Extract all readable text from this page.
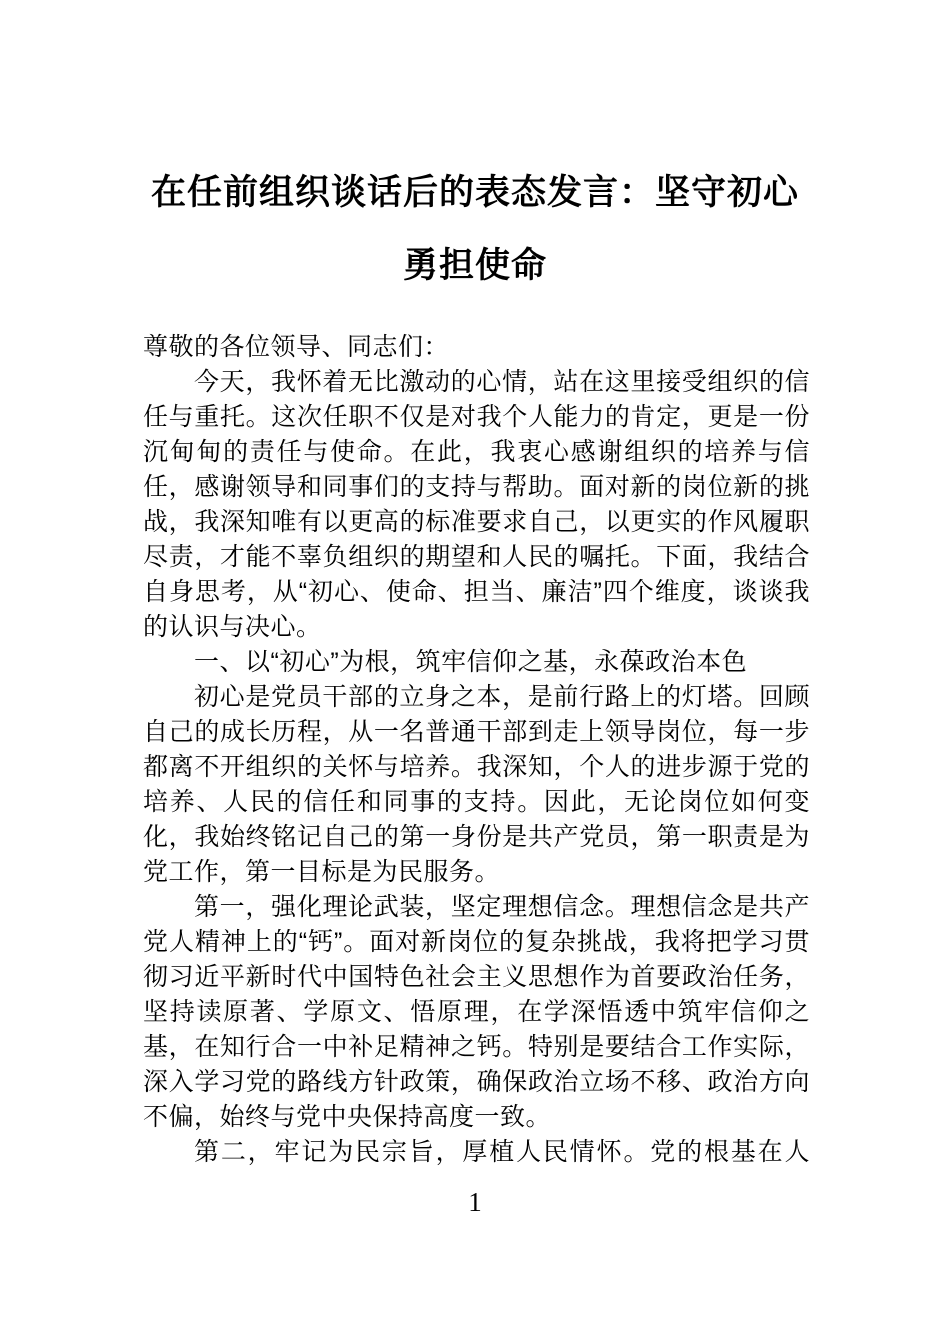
在任前组织谈话后的表态发言：坚守初心
勇担使命

尊敬的各位领导、同志们：

今天，我怀着无比激动的心情，站在这里接受组织的信任与重托。这次任职不仅是对我个人能力的肯定，更是一份沉甸甸的责任与使命。在此，我衷心感谢组织的培养与信任，感谢领导和同事们的支持与帮助。面对新的岗位新的挑战，我深知唯有以更高的标准要求自己，以更实的作风履职尽责，才能不辜负组织的期望和人民的嘱托。下面，我结合自身思考，从“初心、使命、担当、廉洁”四个维度，谈谈我的认识与决心。

一、以“初心”为根，筑牢信仰之基，永葆政治本色

初心是党员干部的立身之本，是前行路上的灯塔。回顾自己的成长历程，从一名普通干部到走上领导岗位，每一步都离不开组织的关怀与培养。我深知，个人的进步源于党的培养、人民的信任和同事的支持。因此，无论岗位如何变化，我始终铭记自己的第一身份是共产党员，第一职责是为党工作，第一目标是为民服务。

第一，强化理论武装，坚定理想信念。理想信念是共产党人精神上的“钙”。面对新岗位的复杂挑战，我将把学习贯彻习近平新时代中国特色社会主义思想作为首要政治任务，坚持读原著、学原文、悟原理，在学深悟透中筑牢信仰之基，在知行合一中补足精神之钙。特别是要结合工作实际，深入学习党的路线方针政策，确保政治立场不移、政治方向不偏，始终与党中央保持高度一致。

第二，牢记为民宗旨，厚植人民情怀。党的根基在人

1
